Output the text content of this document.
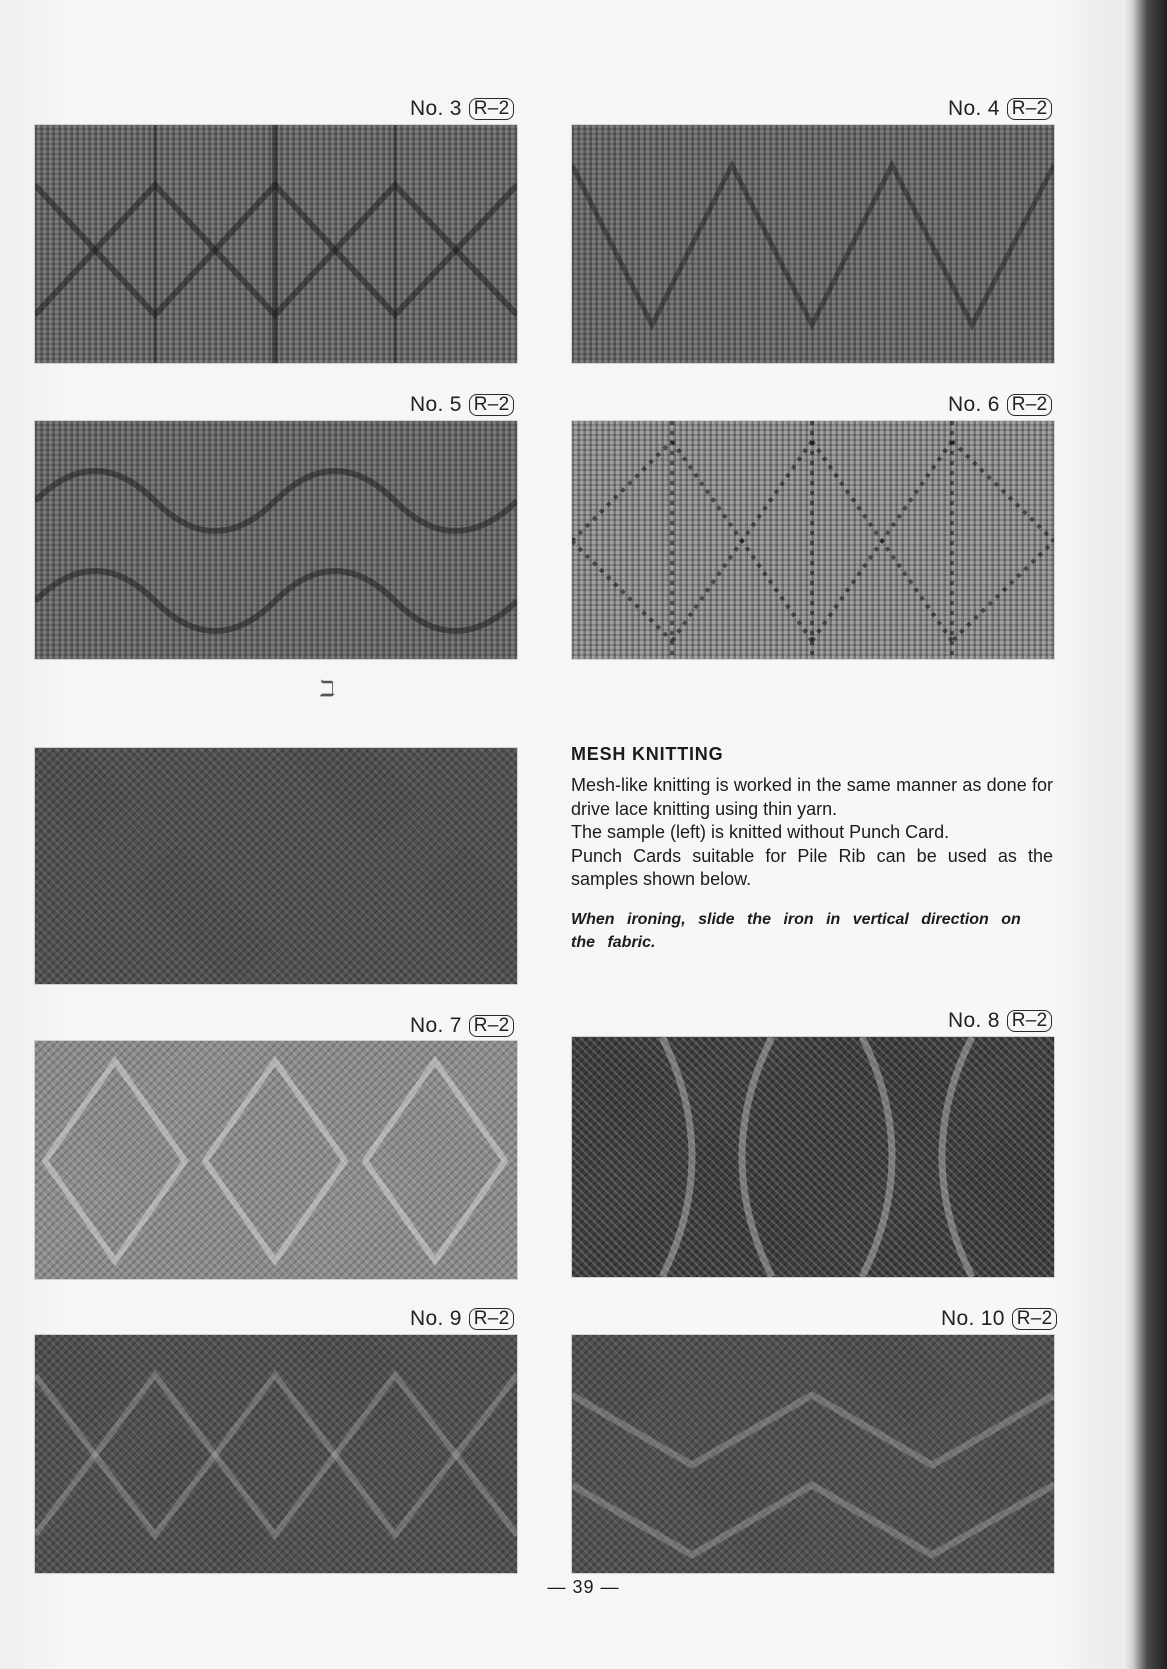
No. 3 R–2	No. 4 R–2
No. 5 R–2	No. 6 R–2
ℶ
MESH KNITTING

Mesh-like knitting is worked in the same manner as done for drive lace knitting using thin yarn.

The sample (left) is knitted without Punch Card.

Punch Cards suitable for Pile Rib can be used as the samples shown below.

When ironing, slide the iron in vertical direction on the fabric.
No. 7 R–2	No. 8 R–2
No. 9 R–2	No. 10 R–2
— 39 —
